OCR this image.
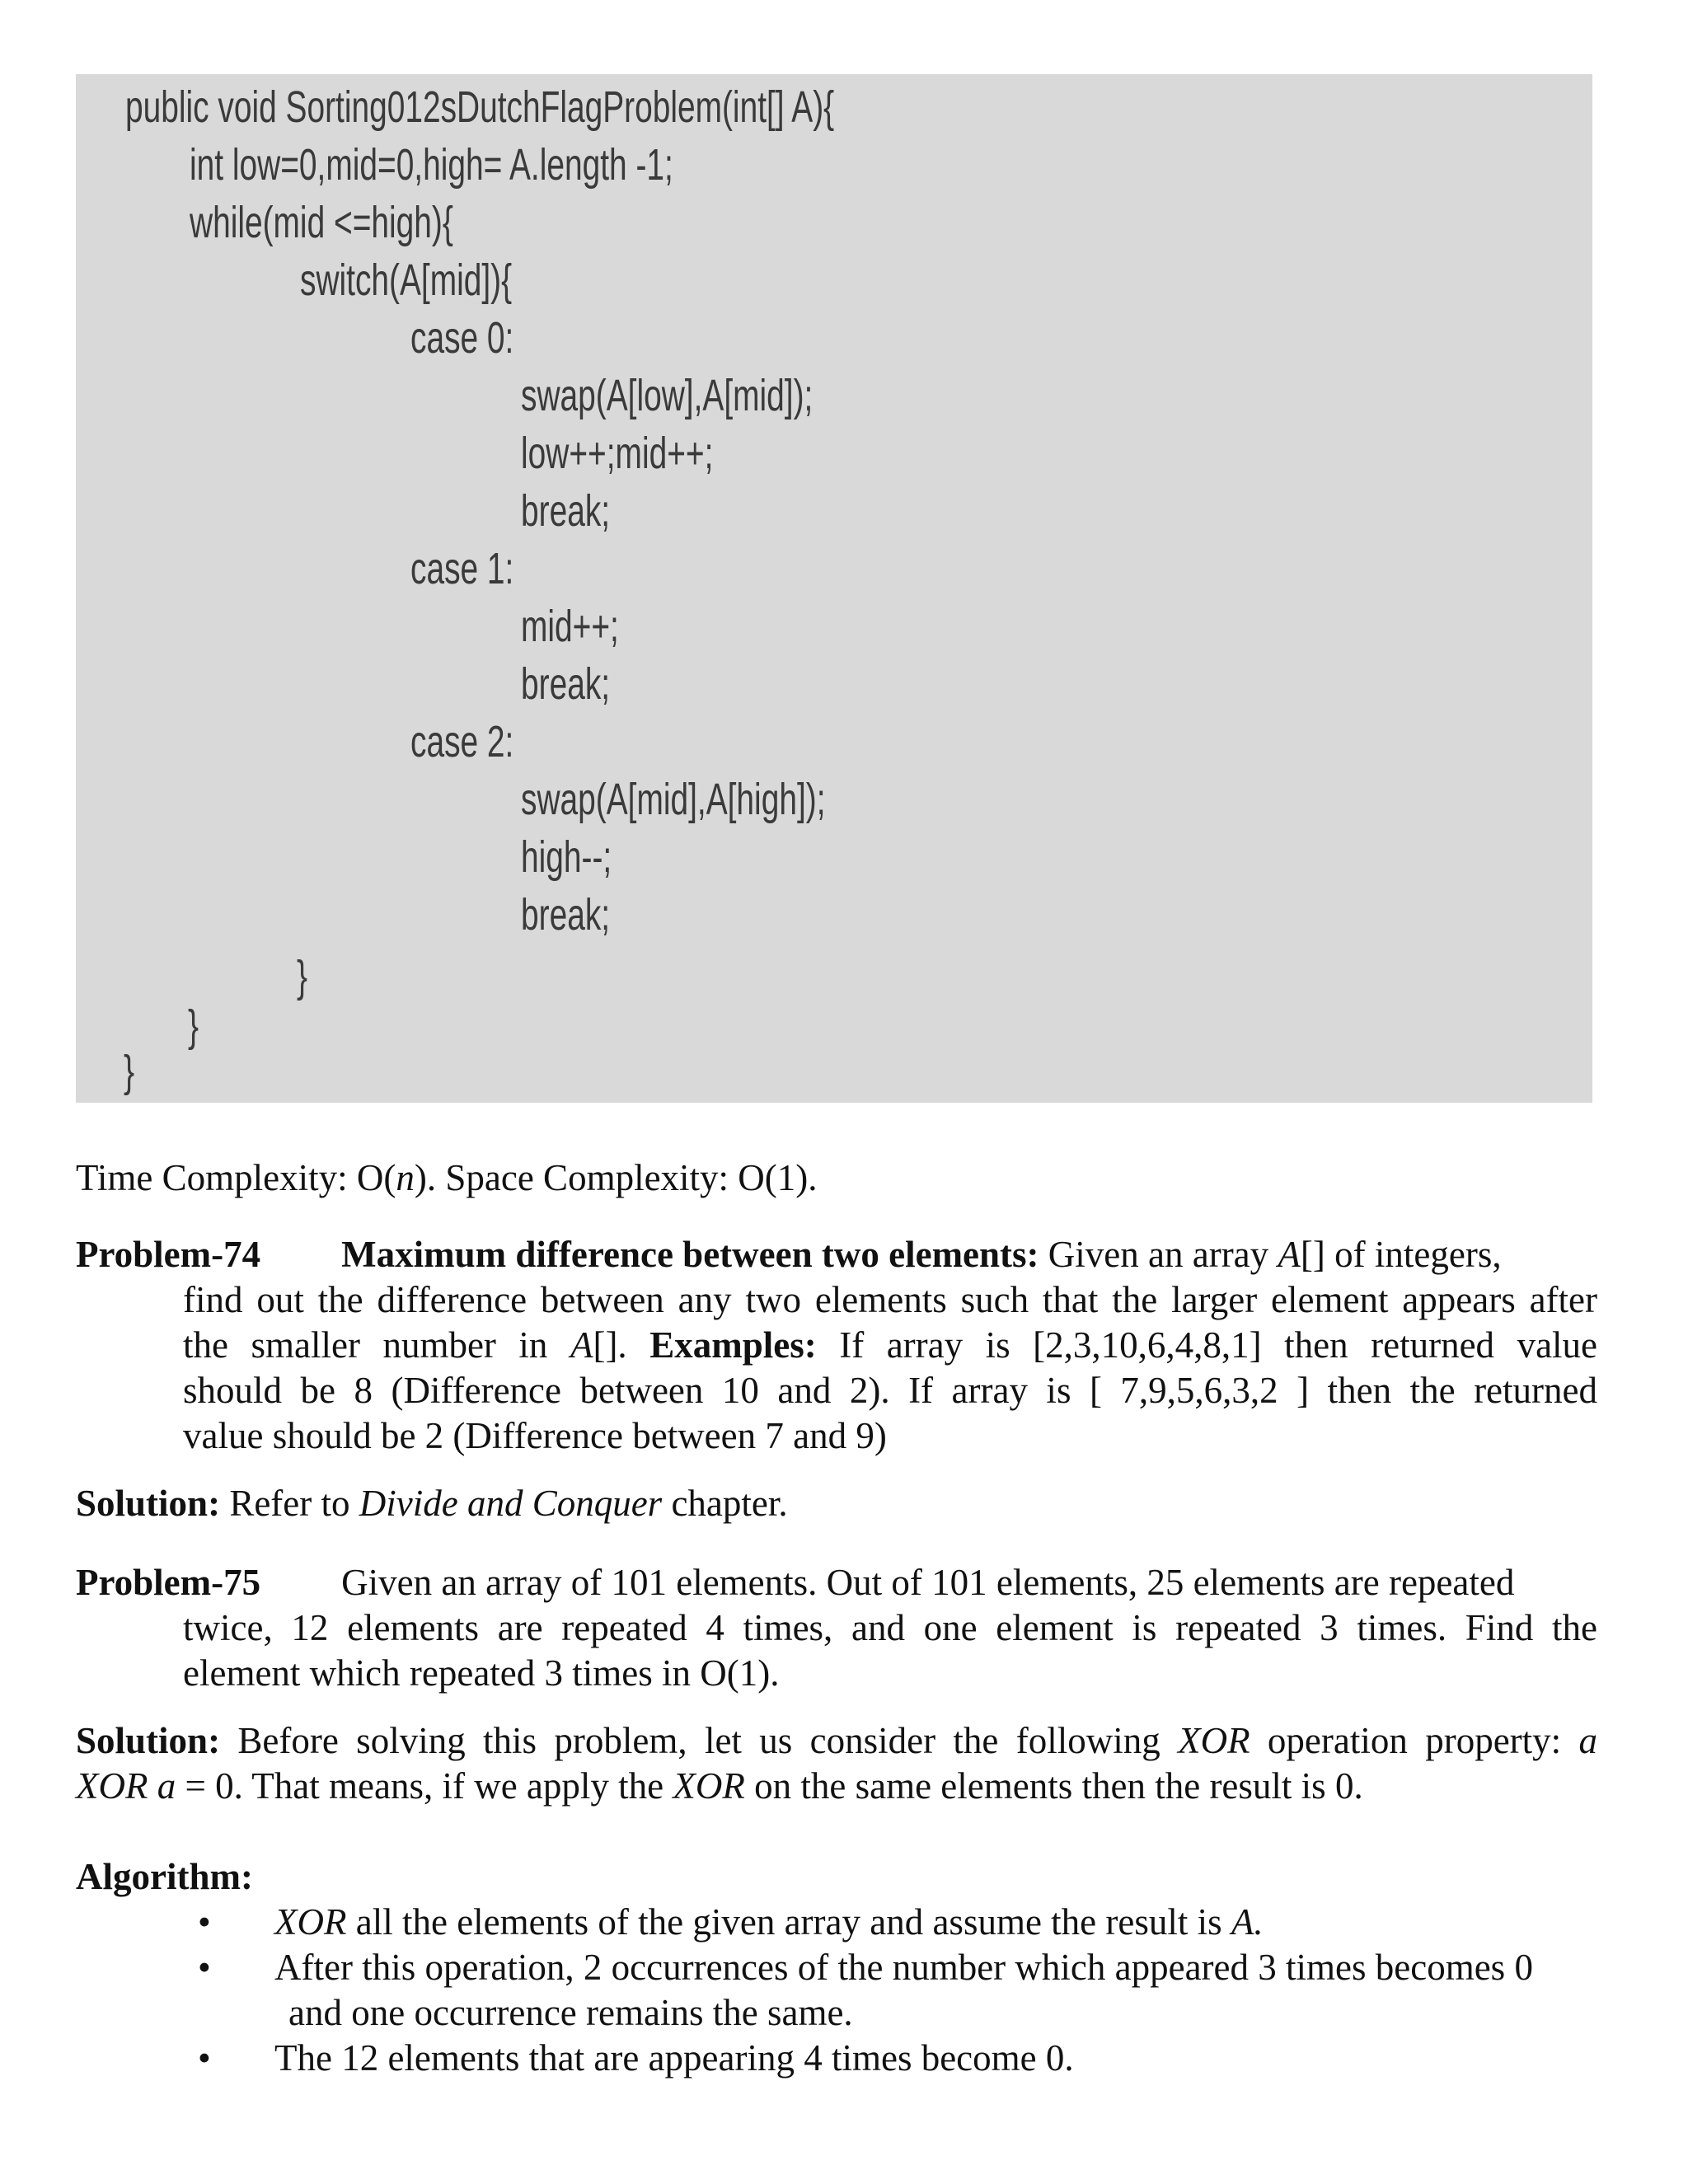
public void Sorting012sDutchFlagProblem(int[] A){
int low=0,mid=0,high= A.length -1;
while(mid <=high){
switch(A[mid]){
case 0:
swap(A[low],A[mid]);
low++;mid++;
break;
case 1:
mid++;
break;
case 2:
swap(A[mid],A[high]);
high--;
break;
}
}
}
Time Complexity: O(n). Space Complexity: O(1).
Problem-74 Maximum difference between two elements: Given an array A[] of integers,
find out the difference between any two elements such that the larger element appears after
the smaller number in A[]. Examples: If array is [2,3,10,6,4,8,1] then returned value
should be 8 (Difference between 10 and 2). If array is [ 7,9,5,6,3,2 ] then the returned
value should be 2 (Difference between 7 and 9)
Solution: Refer to Divide and Conquer chapter.
Problem-75 Given an array of 101 elements. Out of 101 elements, 25 elements are repeated
twice, 12 elements are repeated 4 times, and one element is repeated 3 times. Find the
element which repeated 3 times in O(1).
Solution: Before solving this problem, let us consider the following XOR operation property: a
XOR a = 0. That means, if we apply the XOR on the same elements then the result is 0.
Algorithm:
• XOR all the elements of the given array and assume the result is A.
• After this operation, 2 occurrences of the number which appeared 3 times becomes 0
and one occurrence remains the same.
• The 12 elements that are appearing 4 times become 0.
